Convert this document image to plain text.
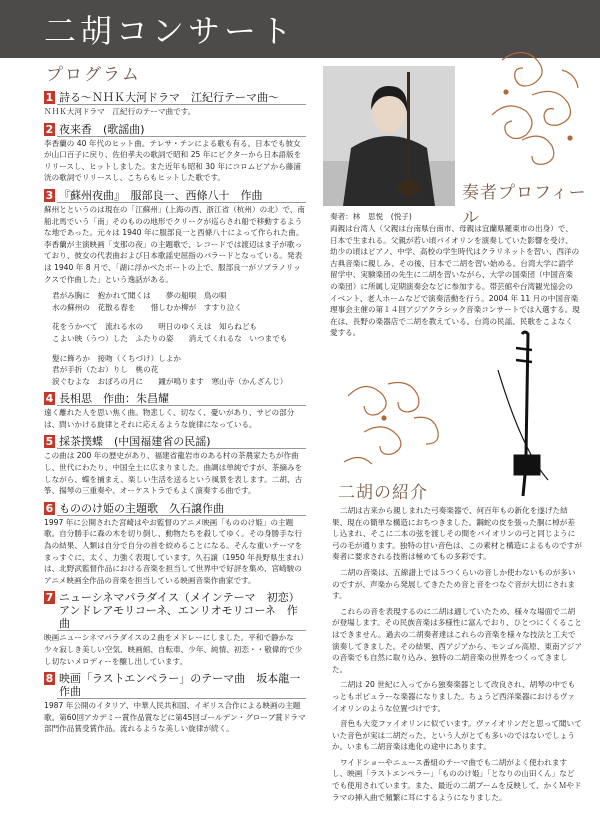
二胡コンサート
プログラム
1 詩る〜ＮＨＫ大河ドラマ　江紀行テーマ曲〜
ＮＨＫ大河ドラマ　江紀行のテーマ曲です。
2 夜来香　(歌謡曲)
李香蘭の 40 年代のヒット曲。テレサ・テンによる歌も有る。日本でも彼女が山口百子に戻り、佐伯孝夫の歌詞で昭和 25 年にビクターから日本語版をリリースし、ヒットしました。また近年も昭和 30 年にコロムビアから藤浦洸の歌詞でリリースし、こちらもヒットした歌です。
3 『蘇州夜曲』　服部良一、西條八十　作曲
蘇州とというのは現在の「江蘇州」(上海の西、浙江省（杭州）の北）で、南船北馬でいう「南」そのものの地形でクリークが巡らされ船で移動するような地であった。元々は 1940 年に服部良一と西條八十によって作られた曲。李香蘭が主演映画「支那の夜」の主題歌で、レコードでは渡辺はま子が歌っており、彼女の代表曲および日本歌謡史屈指のバラードとなっている。発表は 1940 年 8 月で、「湖に浮かべたボートの上で、服部良一がソプラノリックスで作曲した」という逸話がある。
君がみ胸に　抱かれて聞くは　　夢の船唄　鳥の唄
水の蘇州の　花散る春を　　惜しむか柳が　すすり泣く
花をうかべて　流れる水の　　明日のゆくえは　知らねども
こよい映（うつ）した　ふたりの姿　　消えてくれるな　いつまでも
髪に飾ろか　接吻（くちづけ）しよか
君が手折（たお）りし　桃の花
涙ぐむよな　おぼろの月に　　鐘が鳴ります　寒山寺（かんざんじ）
4 長相思　作曲：朱昌耀
遠く離れた人を思い焦く曲。物悲しく、切なく、憂いがあり、サビの部分は、問いかける旋律とそれに応えるような旋律になっている。
5 採茶撲蝶　(中国福建省の民謡)
この曲は 200 年の歴史があり、福建省龍岩市のある村の茶農家たちが作曲し、世代にわたり、中国全土に広まりました。曲調は単純ですが、茶摘みをしながら、蝶を捕まえ、楽しい生活を送るという風景を表します。二胡、古筝、揚琴の三重奏や、オーケストラでもよく演奏する曲です。
6 もののけ姫の主題歌　久石譲作曲
1997 年に公開された宮崎はやお監督のアニメ映画「もののけ姫」の主題歌。自分勝手に森の木を切り倒し、動物たちを殺してゆく。その身勝手な行為の結果、人類は自分で自分の首を絞めることになる。そんな重いテーマをまっすぐに、太く、力強く表現しています。久石譲（1950 年長野県生まれ）は、北野武監督作品における音楽を担当して世界中で好評を集め、宮崎駿のアニメ映画全作品の音楽を担当している映画音楽作曲家です。
7 ニューシネマパラダイス（メインテーマ　初恋）　アンドレアモリコーネ、エンリオモリコーネ　作曲
映画ニューシネマパラダイスの２曲をメドレーにしました。平和で静かな少々寂しき美しい空気、映画館、自転車、少年、純情、初恋・・敬偉的で少し切ないメロディーを醸し出しています。
8 映画「ラストエンペラー」のテーマ曲　坂本龍一作曲
1987 年公開のイタリア、中華人民共和国、イギリス合作による映画の主題歌。第60回アカデミー賞作品賞などに第45回ゴールデン・グローブ賞ドラマ部門作品賞受賞作品。流れるような美しい旋律が続く。
奏者プロフィール
奏者：林　思悦　(悦子)
両親は台湾人（父親は台南県台南市、母親は宜蘭県羅東市の出身）で、日本で生まれる。父親が若い頃バイオリンを演奏していた影響を受け、幼少の頃はピアノ、中学、高校の学生時代はクラリネットを習い、西洋の古典音楽に親しみ、その後、日本で二胡を習い始める。台湾大学に語学留学中、実験楽団の先生に二胡を習いながら、大学の国楽団（中国音楽の楽団）に所属し定期演奏会などに参加する。帯芸館や台湾観光協会のイベント、老人ホームなどで演奏活動を行う。2004 年 11 月の中国音楽理事会主催の第１４回アジアクラシック音楽コンサートでは入選する。現在は、長野の楽器店で二胡を教えている。台湾の民謡、民歌をこよなく愛する。
二胡の紹介

二胡は古来から親しまれた弓奏楽器で、何百年もの新化を遂げた結果、現在の簡単な構造におちつきました。鋼蛇の皮を張った胴に棹が差し込まれ、そこに二本の弦を渡しその間をバイオリンの弓と同じように弓の毛が通ります。独特の甘い音色は、この素材と構造によるものですが奏者に要求される技術は極めてもの多彩です。

二胡の音楽は、五線譜上では５つくらいの音しか使わないものが多いのですが、声楽から発展してきたため音と音をつなぐ音が大切にされます。

これらの音を表現するのに二胡は適していたため、様々な場面で二胡が登場します。その民族音楽は多様性に富んでおり、ひとつにくくることはできません。過去の二胡奏者達はこれらの音楽を様々な技法と工夫で演奏してきました。その結果、西アジアから、モンゴル高原、東南アジアの音楽でも自然に取り込み、独特の二胡音楽の世界をつくってきました。

二胡は 20 世紀に入ってから独奏楽器として改良され、胡琴の中でもっともポピュラーな楽器になりました。ちょうど西洋楽器におけるヴァイオリンのような位置づけです。

音色も大変ファイオリンに似ています。ヴァイオリンだと思って聞いていた音色が実は二胡だった、という人がとても多いのではないでしょうか。いまも二胡音楽は進化の途中にあります。

ワイドショーやニュース番組のテーマ曲でも二胡がよく使われますし、映画「ラストエンペラー」「もののけ姫」「となりの山田くん」などでも使用されています。また、最近の二胡ブームを反映して、かくＭやドラマの挿入曲で頻繁に耳にするようになりました。
